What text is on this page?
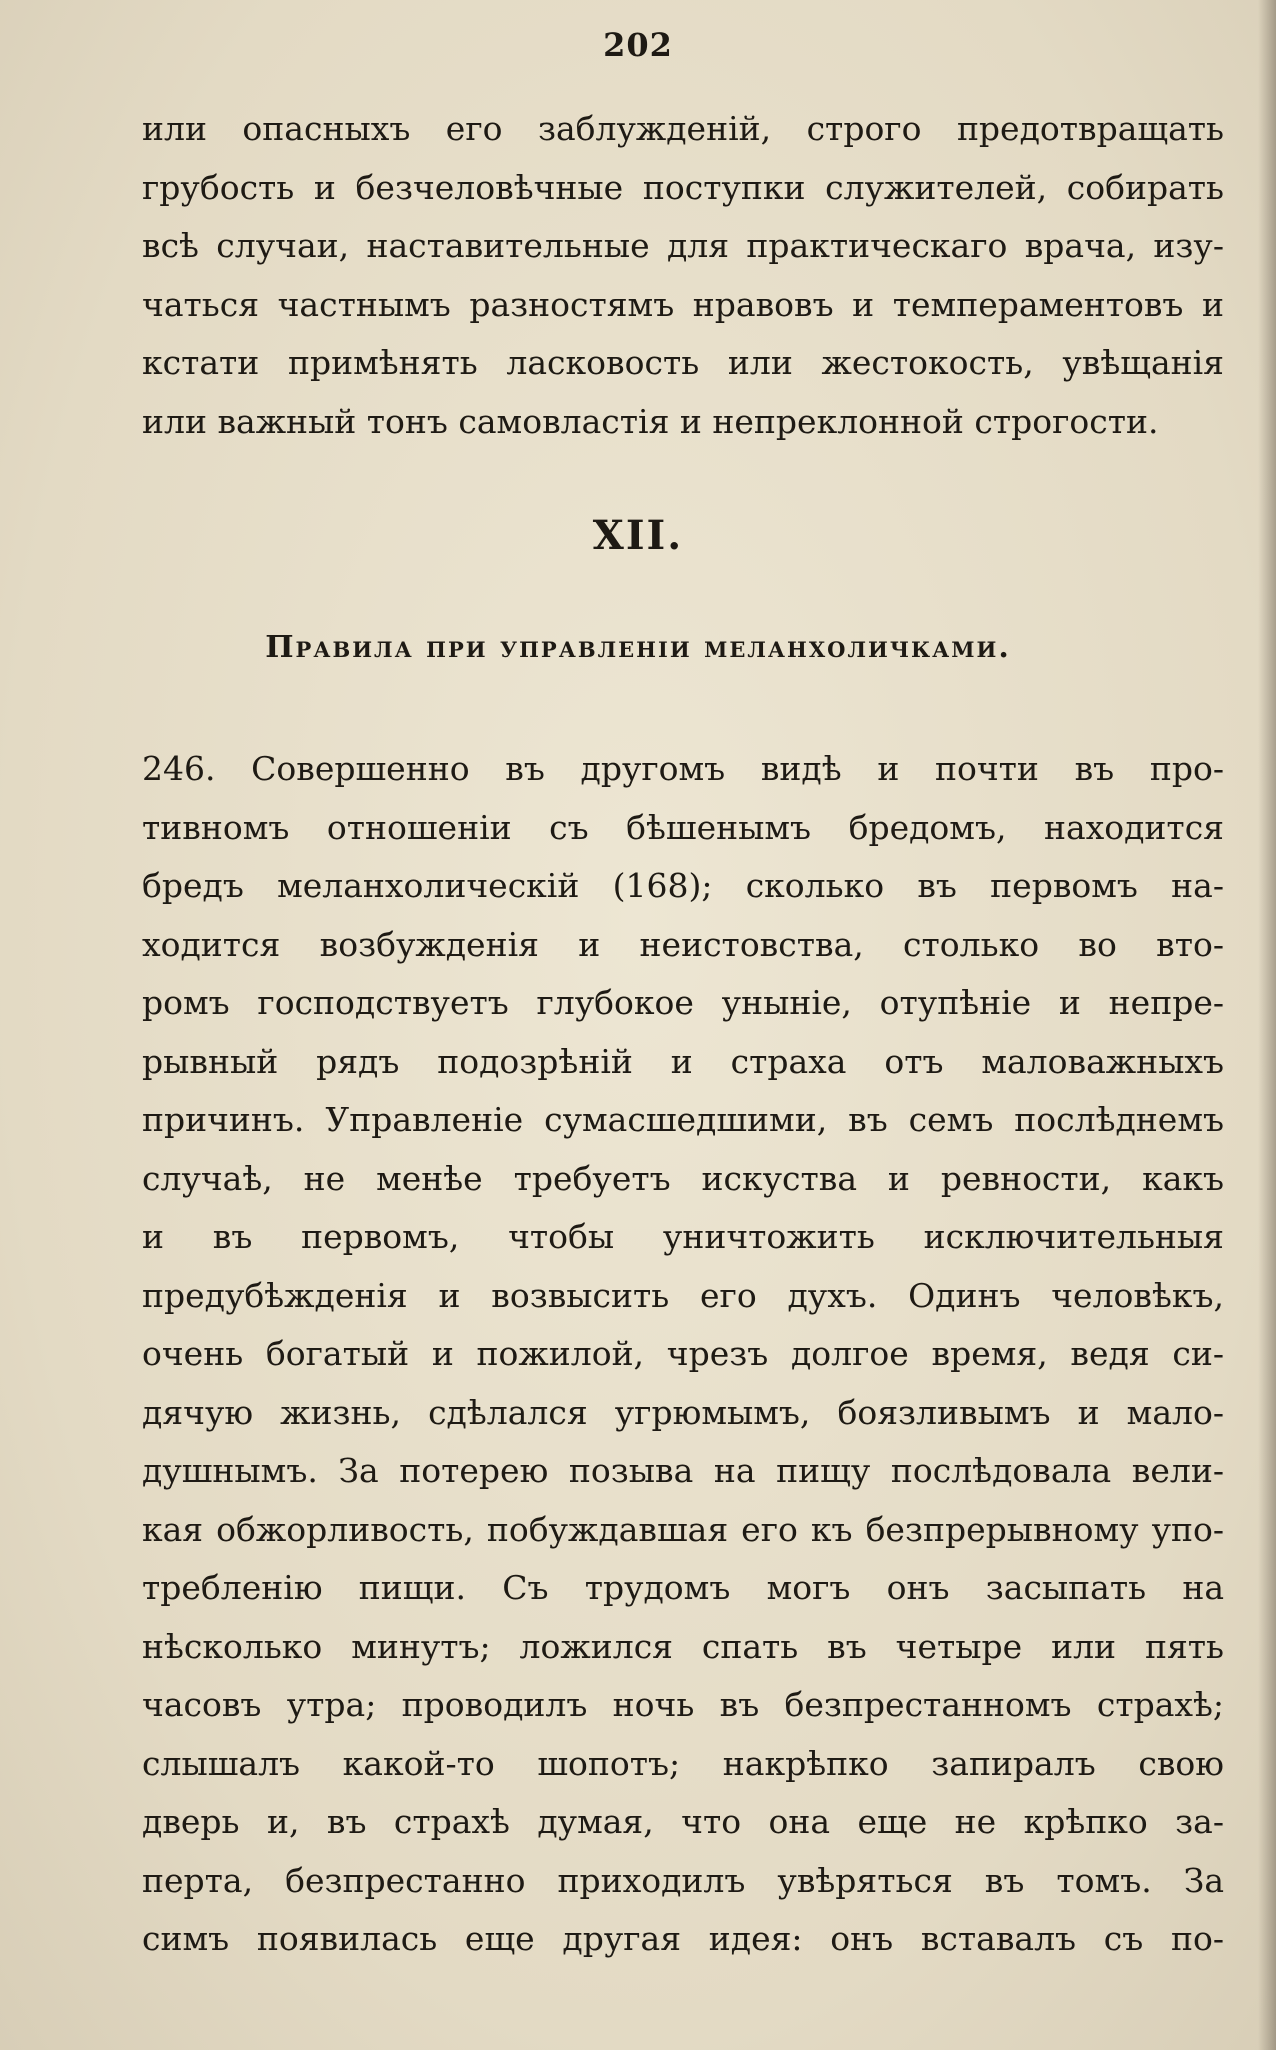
202
или опасныхъ его заблужденій, строго предотвращать
грубость и безчеловѣчные поступки служителей, собирать
всѣ случаи, наставительные для практическаго врача, изу-
чаться частнымъ разностямъ нравовъ и темпераментовъ и
кстати примѣнять ласковость или жестокость, увѣщанія
или важный тонъ самовластія и непреклонной строгости.
XII.
Правила при управленіи меланхоличками.
246. Совершенно въ другомъ видѣ и почти въ про-
тивномъ отношеніи съ бѣшенымъ бредомъ, находится
бредъ меланхолическій (168); сколько въ первомъ на-
ходится возбужденія и неистовства, столько во вто-
ромъ господствуетъ глубокое уныніе, отупѣніе и непре-
рывный рядъ подозрѣній и страха отъ маловажныхъ
причинъ. Управленіе сумасшедшими, въ семъ послѣднемъ
случаѣ, не менѣе требуетъ искуства и ревности, какъ
и въ первомъ, чтобы уничтожить исключительныя
предубѣжденія и возвысить его духъ. Одинъ человѣкъ,
очень богатый и пожилой, чрезъ долгое время, ведя си-
дячую жизнь, сдѣлался угрюмымъ, боязливымъ и мало-
душнымъ. За потерею позыва на пищу послѣдовала вели-
кая обжорливость, побуждавшая его къ безпрерывному упо-
требленію пищи. Съ трудомъ могъ онъ засыпать на
нѣсколько минутъ; ложился спать въ четыре или пять
часовъ утра; проводилъ ночь въ безпрестанномъ страхѣ;
слышалъ какой-то шопотъ; накрѣпко запиралъ свою
дверь и, въ страхѣ думая, что она еще не крѣпко за-
перта, безпрестанно приходилъ увѣряться въ томъ. За
симъ появилась еще другая идея: онъ вставалъ съ по-
